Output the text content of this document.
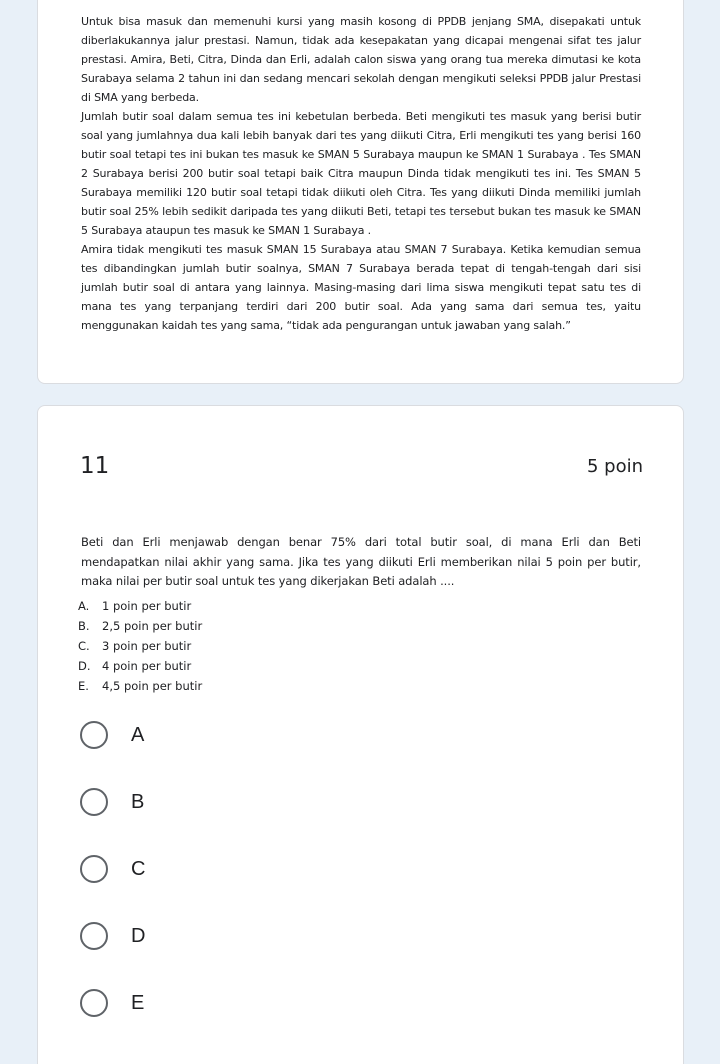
Untuk bisa masuk dan memenuhi kursi yang masih kosong di PPDB jenjang SMA, disepakati untuk diberlakukannya jalur prestasi. Namun, tidak ada kesepakatan yang dicapai mengenai sifat tes jalur prestasi. Amira, Beti, Citra, Dinda dan Erli, adalah calon siswa yang orang tua mereka dimutasi ke kota Surabaya selama 2 tahun ini dan sedang mencari sekolah dengan mengikuti seleksi PPDB jalur Prestasi di SMA yang berbeda.

Jumlah butir soal dalam semua tes ini kebetulan berbeda. Beti mengikuti tes masuk yang berisi butir soal yang jumlahnya dua kali lebih banyak dari tes yang diikuti Citra, Erli mengikuti tes yang berisi 160 butir soal tetapi tes ini bukan tes masuk ke SMAN 5 Surabaya maupun ke SMAN 1 Surabaya . Tes SMAN 2 Surabaya berisi 200 butir soal tetapi baik Citra maupun Dinda tidak mengikuti tes ini. Tes SMAN 5 Surabaya memiliki 120 butir soal tetapi tidak diikuti oleh Citra. Tes yang diikuti Dinda memiliki jumlah butir soal 25% lebih sedikit daripada tes yang diikuti Beti, tetapi tes tersebut bukan tes masuk ke SMAN 5 Surabaya ataupun tes masuk ke SMAN 1 Surabaya .

Amira tidak mengikuti tes masuk SMAN 15 Surabaya atau SMAN 7 Surabaya. Ketika kemudian semua tes dibandingkan jumlah butir soalnya, SMAN 7 Surabaya berada tepat di tengah-tengah dari sisi jumlah butir soal di antara yang lainnya. Masing-masing dari lima siswa mengikuti tepat satu tes di mana tes yang terpanjang terdiri dari 200 butir soal. Ada yang sama dari semua tes, yaitu menggunakan kaidah tes yang sama, “tidak ada pengurangan untuk jawaban yang salah.”

11	5 poin

Beti dan Erli menjawab dengan benar 75% dari total butir soal, di mana Erli dan Beti mendapatkan nilai akhir yang sama. Jika tes yang diikuti Erli memberikan nilai 5 poin per butir, maka nilai per butir soal untuk tes yang dikerjakan Beti adalah ....

A. 1 poin per butir
B. 2,5 poin per butir
C. 3 poin per butir
D. 4 poin per butir
E. 4,5 poin per butir
A
B
C
D
E
